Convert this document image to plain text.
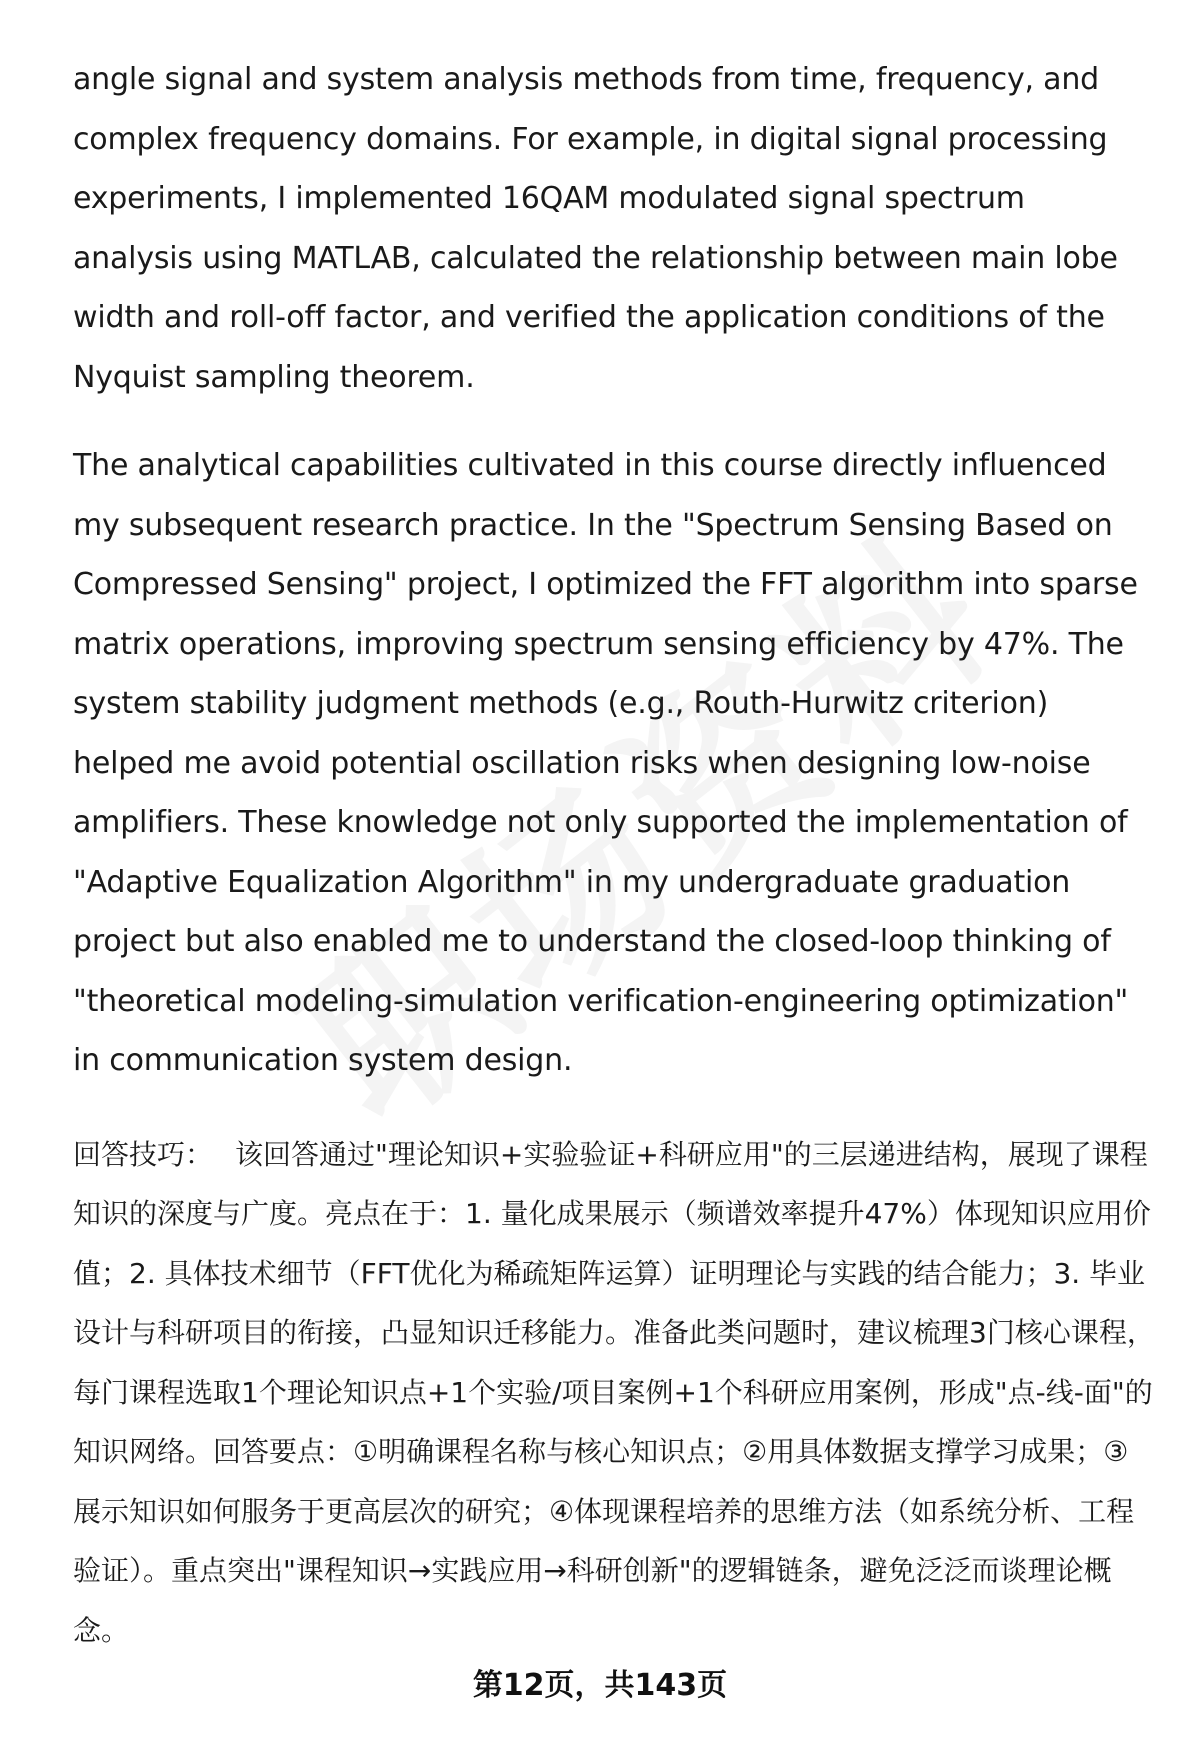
angle signal and system analysis methods from time, frequency, and complex frequency domains. For example, in digital signal processing experiments, I implemented 16QAM modulated signal spectrum analysis using MATLAB, calculated the relationship between main lobe width and roll-off factor, and verified the application conditions of the Nyquist sampling theorem.

The analytical capabilities cultivated in this course directly influenced my subsequent research practice. In the "Spectrum Sensing Based on Compressed Sensing" project, I optimized the FFT algorithm into sparse matrix operations, improving spectrum sensing efficiency by 47%. The system stability judgment methods (e.g., Routh-Hurwitz criterion) helped me avoid potential oscillation risks when designing low-noise amplifiers. These knowledge not only supported the implementation of "Adaptive Equalization Algorithm" in my undergraduate graduation project but also enabled me to understand the closed-loop thinking of "theoretical modeling-simulation verification-engineering optimization" in communication system design.

回答技巧： 该回答通过"理论知识+实验验证+科研应用"的三层递进结构，展现了课程知识的深度与广度。亮点在于：1. 量化成果展示（频谱效率提升47%）体现知识应用价值；2. 具体技术细节（FFT优化为稀疏矩阵运算）证明理论与实践的结合能力；3. 毕业设计与科研项目的衔接，凸显知识迁移能力。准备此类问题时，建议梳理3门核心课程，每门课程选取1个理论知识点+1个实验/项目案例+1个科研应用案例，形成"点-线-面"的知识网络。回答要点：①明确课程名称与核心知识点；②用具体数据支撑学习成果；③展示知识如何服务于更高层次的研究；④体现课程培养的思维方法（如系统分析、工程验证）。重点突出"课程知识→实践应用→科研创新"的逻辑链条，避免泛泛而谈理论概念。
第12页，共143页
